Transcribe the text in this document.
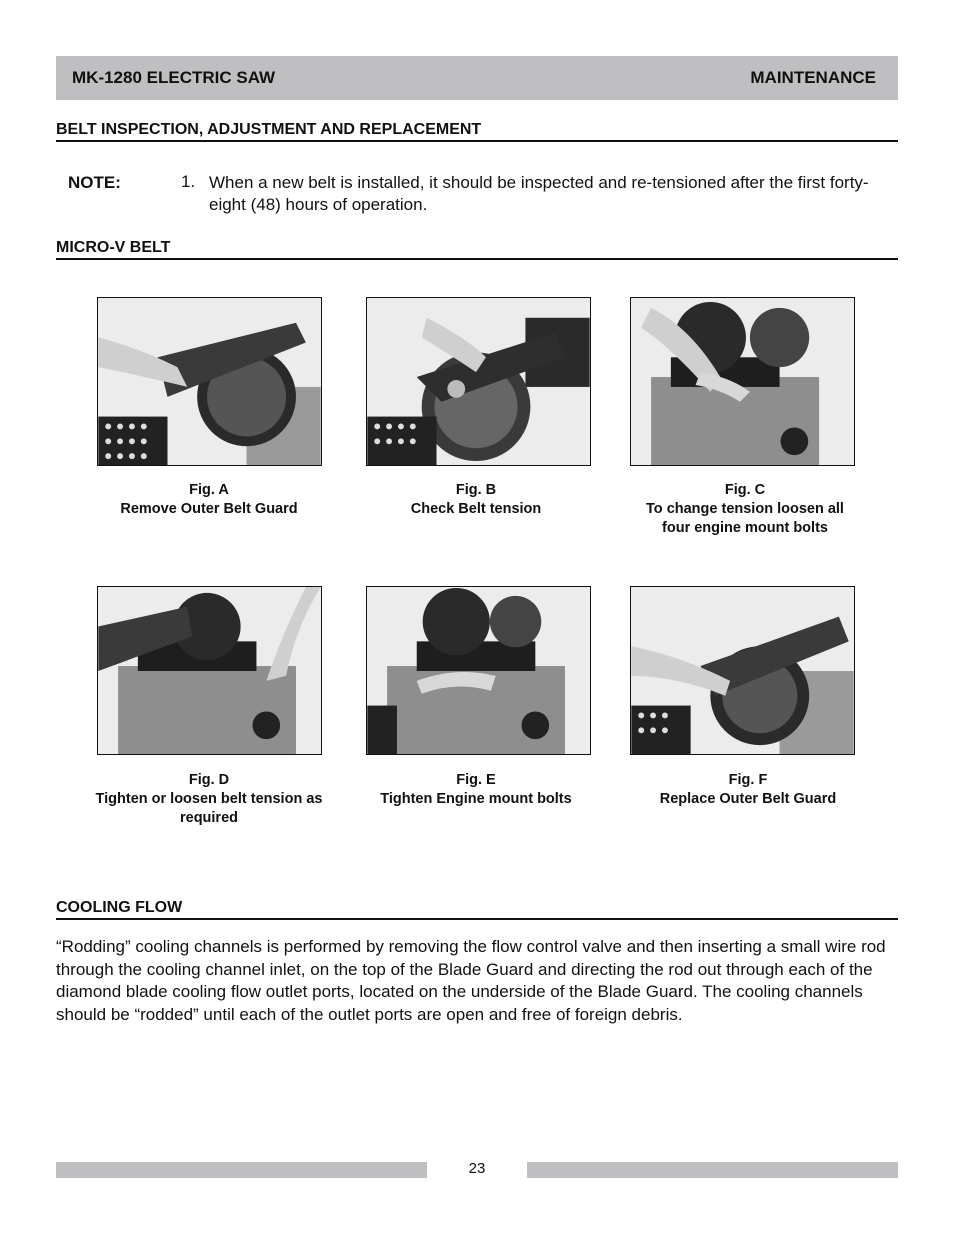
MK-1280 ELECTRIC SAW	MAINTENANCE
BELT INSPECTION, ADJUSTMENT AND REPLACEMENT
NOTE:	1. When a new belt is installed, it should be inspected and re-tensioned after the first forty-eight (48) hours of operation.
MICRO-V BELT
Fig. A
Remove Outer Belt Guard
Fig. B
Check Belt tension
Fig. C
To change tension loosen all four engine mount bolts
Fig. D
Tighten or loosen belt tension as required
Fig. E
Tighten Engine mount bolts
Fig. F
Replace Outer Belt Guard
COOLING FLOW
“Rodding” cooling channels is performed by removing the flow control valve and then inserting a small wire rod through the cooling channel inlet, on the top of the Blade Guard and directing the rod out through each of the diamond blade cooling flow outlet ports, located on the underside of the Blade Guard. The cooling channels should be “rodded” until each of the outlet ports are open and free of foreign debris.
23
